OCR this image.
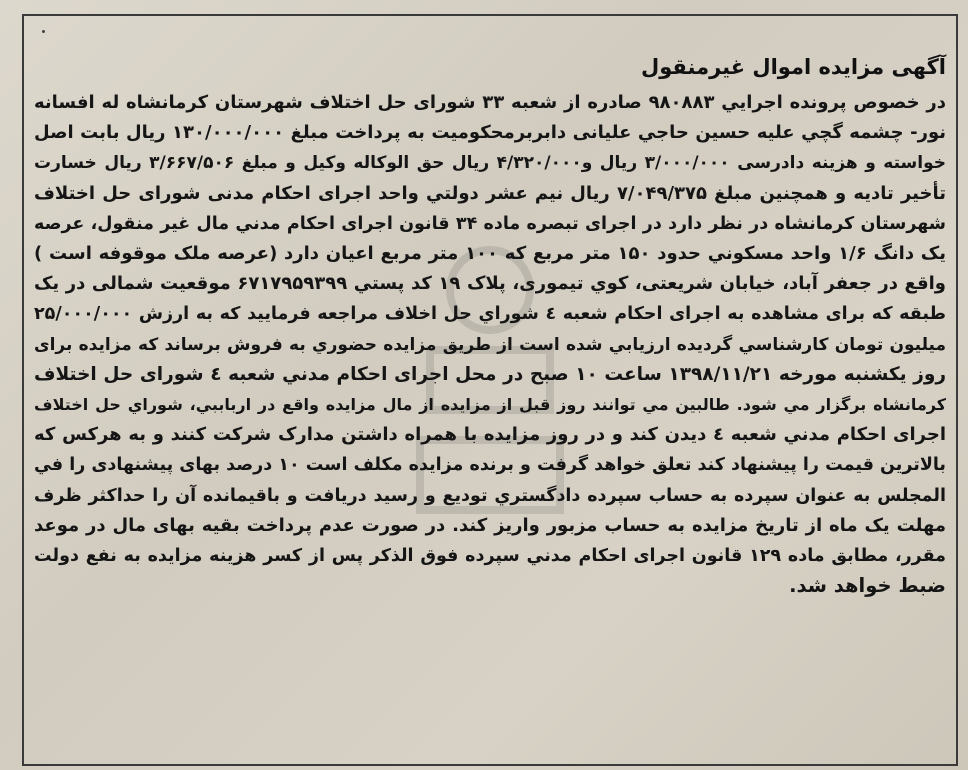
آگهی مزایده اموال غیرمنقول
در خصوص پرونده اجرایي ۹۸۰۸۸۳ صادره از شعبه ۳۳ شورای حل اختلاف شهرستان کرمانشاه له افسانه
نور- چشمه گچي عليه حسين حاجي عليانی دابربرمحکومیت به پرداخت مبلغ ۱۳۰/۰۰۰/۰۰۰ ريال بابت اصل
خواسته و هزینه دادرسی ۳/۰۰۰/۰۰۰ ريال و۴/۳۲۰/۰۰۰ ريال حق الوكاله وكيل و مبلغ ۳/۶۶۷/۵۰۶ ريال خسارت
تأخير تاديه و همچنین مبلغ ۷/۰۴۹/۳۷۵ ريال نيم عشر دولتي واحد اجرای احکام مدنی شورای حل اختلاف
شهرستان کرمانشاه در نظر دارد در اجرای تبصره ماده ۳۴ قانون اجرای احکام مدني مال غير منقول، عرصه
يک دانگ ۱/۶ واحد مسکوني حدود ۱۵۰ متر مربع که ۱۰۰ متر مربع اعیان دارد (عرصه ملک موقوفه است )
واقع در جعفر آباد، خیابان شریعتی، کوي تیموری، پلاک ۱۹ کد پستي ۶۷۱۷۹۵۹۳۹۹ موقعیت شمالی در يک
طبقه که برای مشاهده به اجرای احکام شعبه ٤ شوراي حل اخلاف مراجعه فرمایید که به ارزش ۲۵/۰۰۰/۰۰۰
میلیون تومان کارشناسي گرديده ارزيابي شده است از طريق مزايده حضوري به فروش برساند که مزايده برای
روز يکشنبه مورخه ۱۳۹۸/۱۱/۲۱ ساعت ۱۰ صبح در محل اجرای احکام مدني شعبه ٤ شورای حل اختلاف
کرمانشاه برگزار مي شود. طالبين مي توانند روز قبل از مزايده از مال مزايده واقع در ارباببي، شوراي حل اختلاف
اجرای احکام مدني شعبه ٤ ديدن کند و در روز مزايده با همراه داشتن مدارک شرکت کنند و به هرکس که
بالاترين قيمت را پيشنهاد کند تعلق خواهد گرفت و برنده مزايده مکلف است ۱۰ درصد بهای پيشنهادی را في
المجلس به عنوان سپرده به حساب سپرده دادگستري توديع و رسيد دريافت و باقيمانده آن را حداکثر ظرف
مهلت يک ماه از تاريخ مزايده به حساب مزبور واريز کند. در صورت عدم پرداخت بقيه بهای مال در موعد
مقرر، مطابق ماده ۱۲۹ قانون اجرای احکام مدني سپرده فوق الذکر پس از کسر هزينه مزايده به نفع دولت
ضبط خواهد شد.
